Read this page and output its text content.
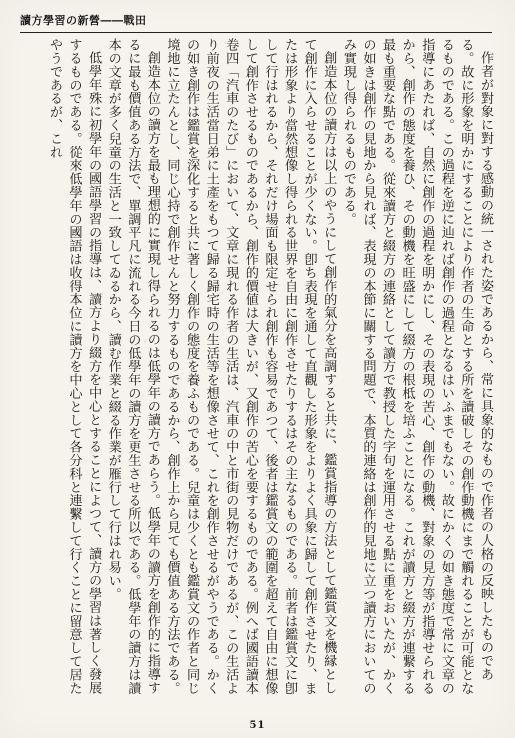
讀方學習の新營――戰田

作者が對象に對する感動の統一された姿であるから、常に具象的なもので作者の人格の反映したものである。故に形象を明かにすることにより作者の生命とする所を讀破しその創作動機にまで觸れることが可能となるものである。この過程を逆に辿れば創作の過程となるはいふまでもない。故にかくの如き態度で常に文章の指導にあたれば、自然に創作の過程を明かにし、その表現の苦心、創作の動機、對象の見方等が指導せられるから、創作の態度を養ひ、その動機を旺盛にして綴方の根柢を培ふことになる。これが讀方と綴方が連繋する最も重要な點である。從來讀方と綴方の連絡として讀方で教授した字句を運用させる點に重をおいたが、かくの如きは創作の見地から見れば、表現の本節に關する問題で、本質的連絡は創作的見地に立つ讀方においてのみ實現し得られるものである。

創造本位の讀方は以上のやうにして創作的氣分を高調すると共に、鑑賞指導の方法として鑑賞文を機縁として創作に入らせることが少くない。卽ち表現を通して直觀した形象をよりよく具象に歸して創作させたり、または形象より當然想像し得られる世界を自由に創作させたりするはその主なるものである。前者は鑑賞文に卽して行はれるから、それだけ場面も限定せられ創作も容易であつて、後者は鑑賞文の範圍を超えて自由に想像して創作させるものであるから、創作的價値は大きいが、又創作の苦心を要するものである。例へば國語讀本卷四「汽車のたび」において、文章に現れる作者の生活は、汽車の中と市街の見物だけであるが、この生活より前夜の生活當日弟に土產をもつて歸る歸宅時の生活等を想像させて、これを創作させるがやうである。かくの如き創作は鑑賞を深化すると共に著しく創作の態度を養ふものである。兒童は少くとも鑑賞文の作者と同じ境地に立たんとし、同じ心持で創作せんと努力するものであるから、創作上から見ても價值ある方法である。

創造本位の讀方を最も理想的に實現し得られるのは低學年の讀方であらう。低學年の讀方を創作的に指導するに最も價值ある方法で、單調平凡に流れる今日の低學年の讀方を更生させる所以である。低學年の讀方は讀本の文章が多く兒童の生活と一致してゐるから、讀む作業と綴る作業が雁行して行はれ易い。

低學年殊に初學年の國語學習の指導は、讀方より綴方を中心とすることによつて、讀方の學習は著しく發展するものである。從來低學年の國語は收得本位に讀方を中心として各分科と連繫して行くことに留意して居たやうであるが、これ

51
